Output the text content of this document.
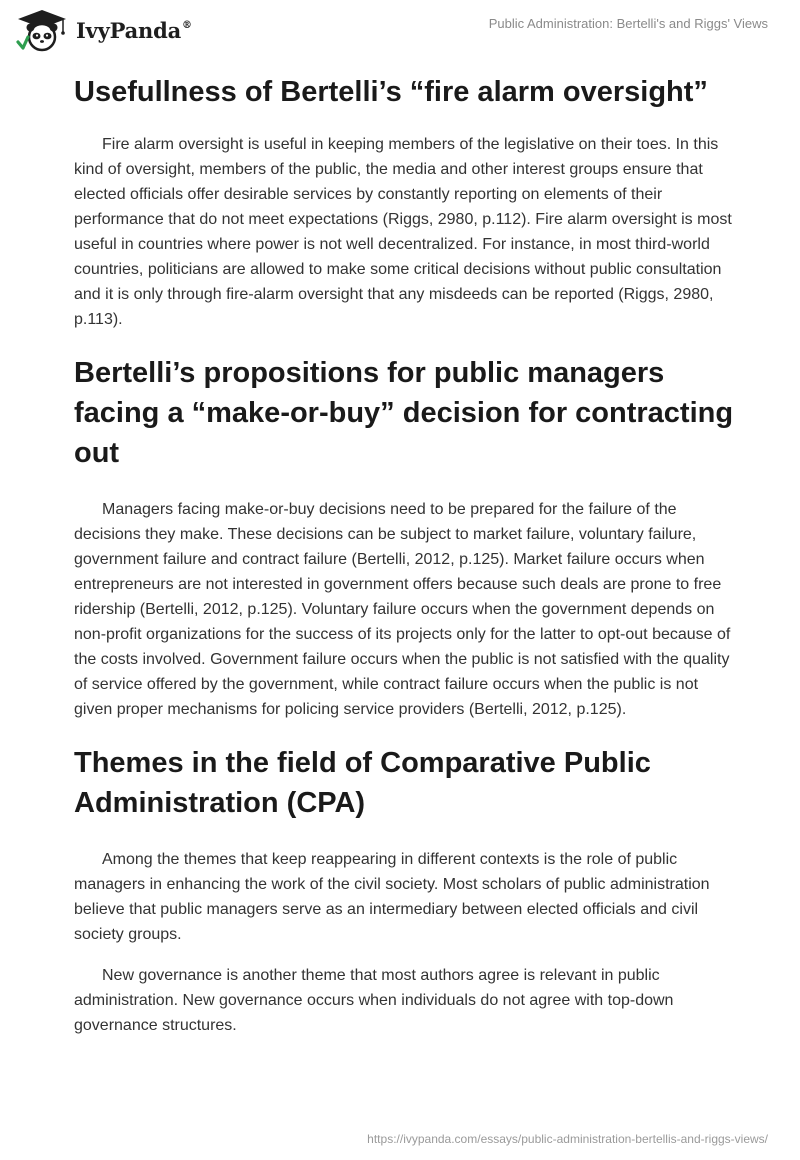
IvyPanda®	Public Administration: Bertelli's and Riggs' Views
Usefullness of Bertelli’s “fire alarm oversight”

Fire alarm oversight is useful in keeping members of the legislative on their toes. In this kind of oversight, members of the public, the media and other interest groups ensure that elected officials offer desirable services by constantly reporting on elements of their performance that do not meet expectations (Riggs, 2980, p.112). Fire alarm oversight is most useful in countries where power is not well decentralized. For instance, in most third-world countries, politicians are allowed to make some critical decisions without public consultation and it is only through fire-alarm oversight that any misdeeds can be reported (Riggs, 2980, p.113).

Bertelli’s propositions for public managers facing a “make-or-buy” decision for contracting out

Managers facing make-or-buy decisions need to be prepared for the failure of the decisions they make. These decisions can be subject to market failure, voluntary failure, government failure and contract failure (Bertelli, 2012, p.125). Market failure occurs when entrepreneurs are not interested in government offers because such deals are prone to free ridership (Bertelli, 2012, p.125). Voluntary failure occurs when the government depends on non-profit organizations for the success of its projects only for the latter to opt-out because of the costs involved. Government failure occurs when the public is not satisfied with the quality of service offered by the government, while contract failure occurs when the public is not given proper mechanisms for policing service providers (Bertelli, 2012, p.125).

Themes in the field of Comparative Public Administration (CPA)

Among the themes that keep reappearing in different contexts is the role of public managers in enhancing the work of the civil society. Most scholars of public administration believe that public managers serve as an intermediary between elected officials and civil society groups.

New governance is another theme that most authors agree is relevant in public administration. New governance occurs when individuals do not agree with top-down governance structures.

https://ivypanda.com/essays/public-administration-bertellis-and-riggs-views/
